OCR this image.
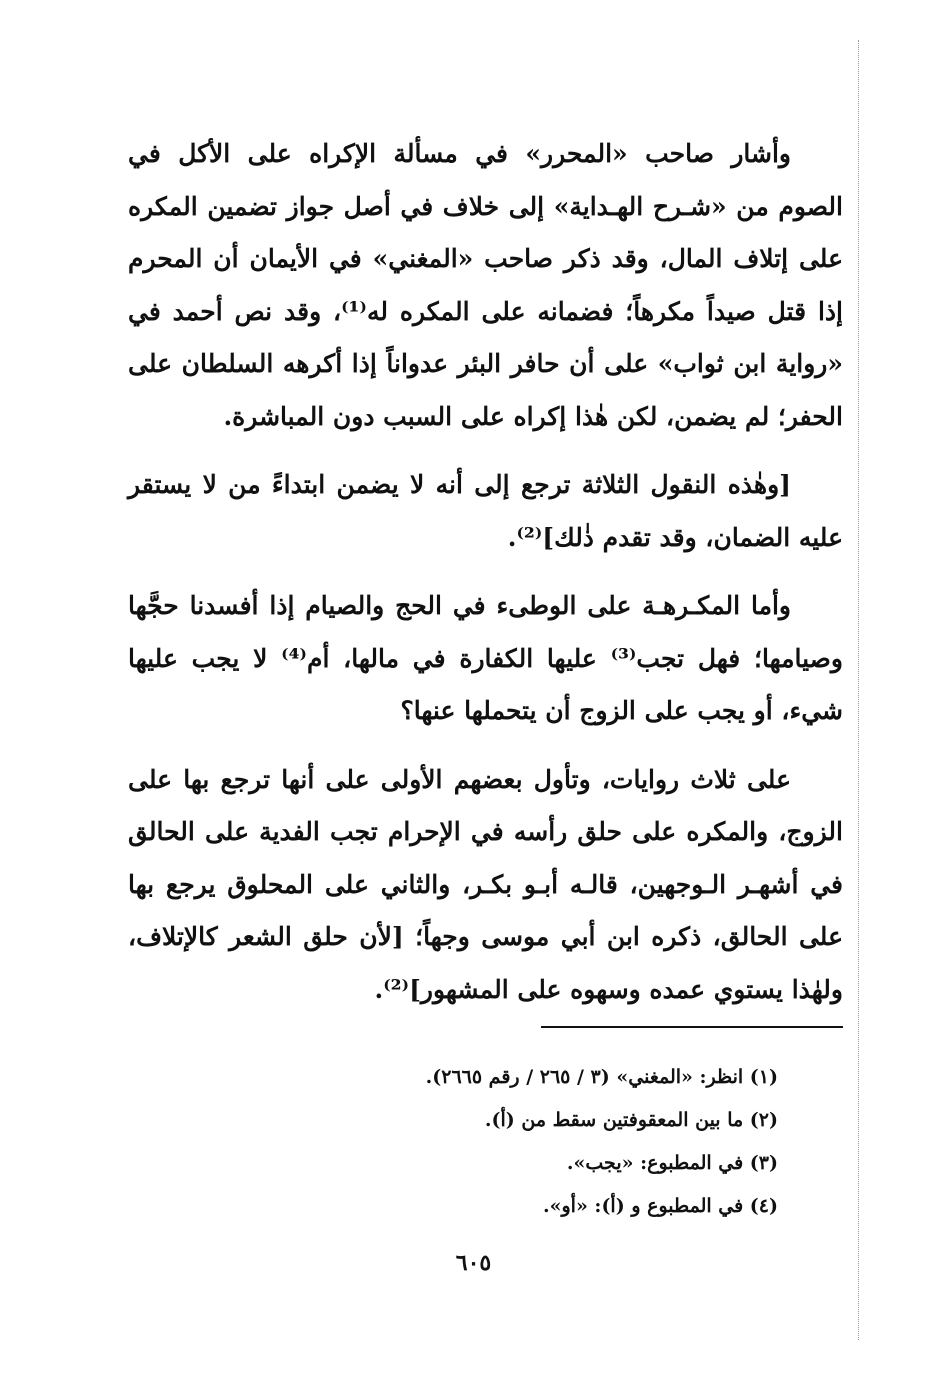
وأشار صاحب «المحرر» في مسألة الإكراه على الأكل في الصوم من «شـرح الهـداية» إلى خلاف في أصل جواز تضمين المكره على إتلاف المال، وقد ذكر صاحب «المغني» في الأيمان أن المحرم إذا قتل صيداً مكرهاً؛ فضمانه على المكره له⁽¹⁾، وقد نص أحمد في «رواية ابن ثواب» على أن حافر البئر عدواناً إذا أكرهه السلطان على الحفر؛ لم يضمن، لكن هٰذا إكراه على السبب دون المباشرة.

[وهٰذه النقول الثلاثة ترجع إلى أنه لا يضمن ابتداءً من لا يستقر عليه الضمان، وقد تقدم ذٰلك]⁽²⁾.

وأما المكـرهـة على الوطىء في الحج والصيام إذا أفسدنا حجَّها وصيامها؛ فهل تجب⁽³⁾ عليها الكفارة في مالها، أم⁽⁴⁾ لا يجب عليها شيء، أو يجب على الزوج أن يتحملها عنها؟

على ثلاث روايات، وتأول بعضهم الأولى على أنها ترجع بها على الزوج، والمكره على حلق رأسه في الإحرام تجب الفدية على الحالق في أشهـر الـوجهين، قالـه أبـو بكـر، والثاني على المحلوق يرجع بها على الحالق، ذكره ابن أبي موسى وجهاً؛ [لأن حلق الشعر كالإتلاف، ولهٰذا يستوي عمده وسهوه على المشهور]⁽²⁾.

(١) انظر: «المغني» (٣ / ٢٦٥ / رقم ٢٦٦٥).
(٢) ما بين المعقوفتين سقط من (أ).
(٣) في المطبوع: «يجب».
(٤) في المطبوع و (أ): «أو».
٦٠٥
